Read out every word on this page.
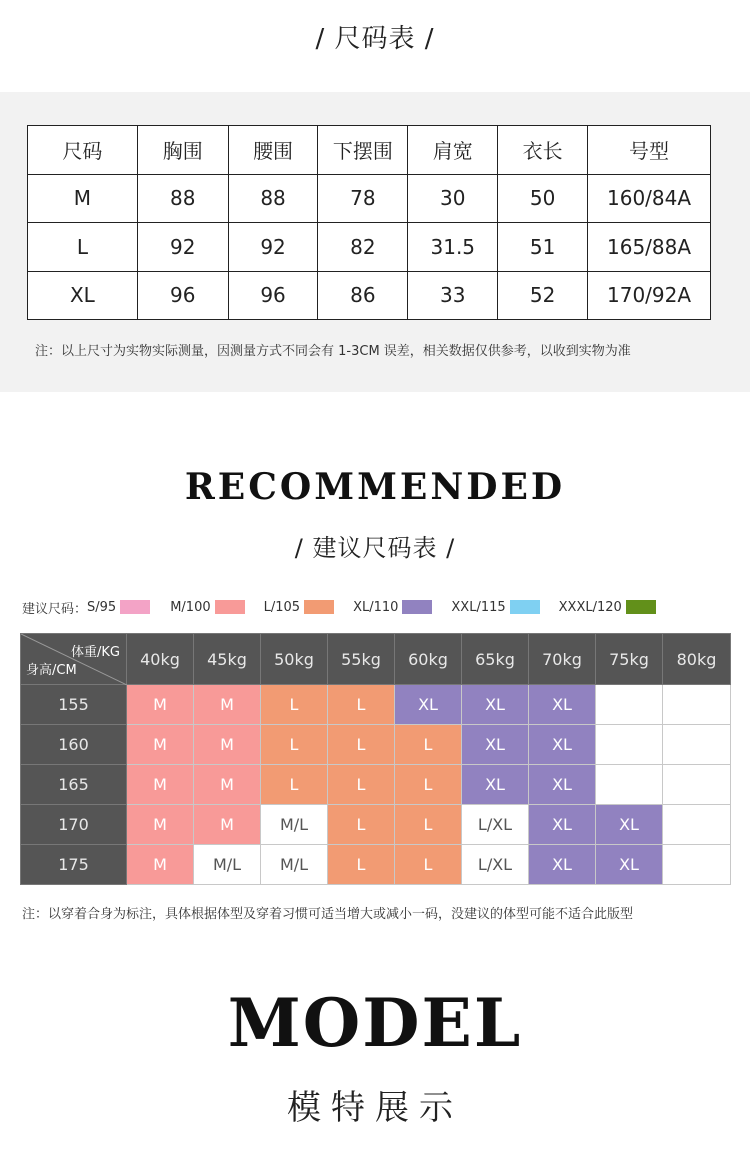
/ 尺码表 /
尺码	胸围	腰围	下摆围	肩宽	衣长	号型
M	88	88	78	30	50	160/84A
L	92	92	82	31.5	51	165/88A
XL	96	96	86	33	52	170/92A
注：以上尺寸为实物实际测量，因测量方式不同会有 1-3CM 误差，相关数据仅供参考，以收到实物为准
RECOMMENDED
/ 建议尺码表 /
建议尺码： S/95	M/100	L/105	XL/110	XXL/115	XXXL/120
体重/KG
身高/CM	40kg	45kg	50kg	55kg	60kg	65kg	70kg	75kg	80kg
155	M	M	L	L	XL	XL	XL		
160	M	M	L	L	L	XL	XL		
165	M	M	L	L	L	XL	XL		
170	M	M	M/L	L	L	L/XL	XL	XL	
175	M	M/L	M/L	L	L	L/XL	XL	XL	
注：以穿着合身为标注，具体根据体型及穿着习惯可适当增大或减小一码，没建议的体型可能不适合此版型
MODEL
模特展示
